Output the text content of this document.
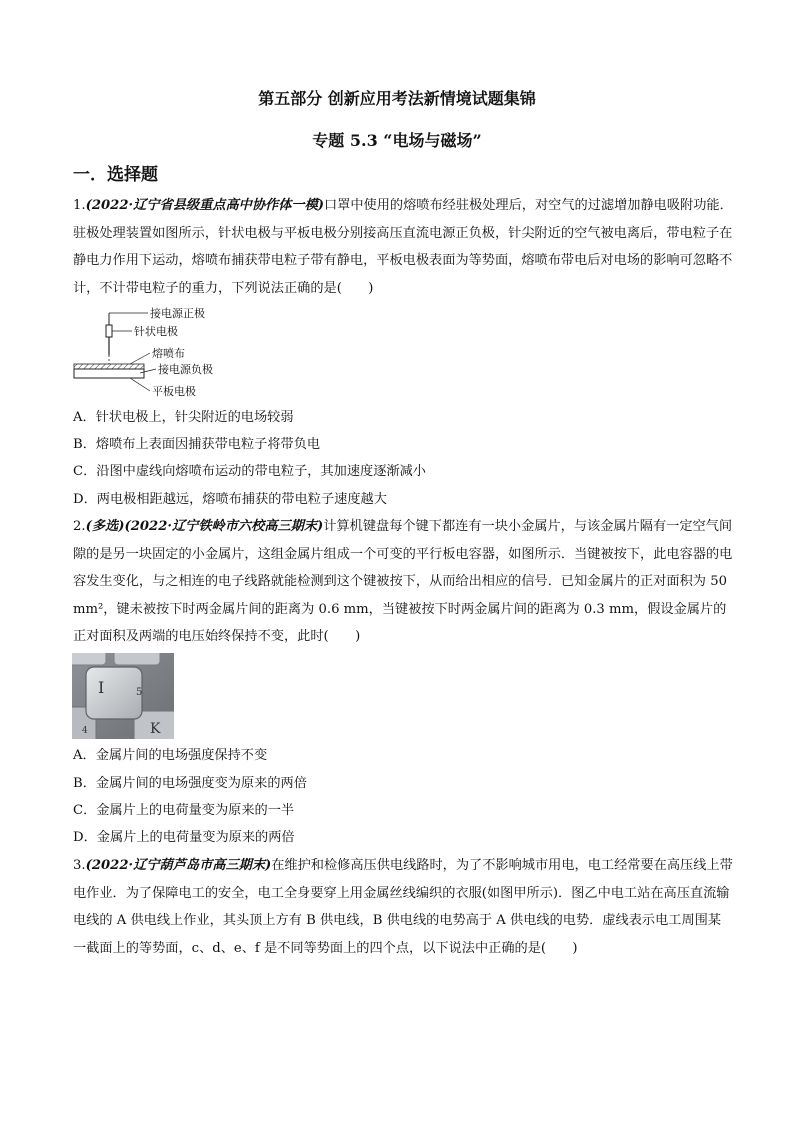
第五部分 创新应用考法新情境试题集锦
专题 5.3 “电场与磁场”
一．选择题
1.(2022·辽宁省县级重点高中协作体一模)口罩中使用的熔喷布经驻极处理后，对空气的过滤增加静电吸附功能．驻极处理装置如图所示，针状电极与平板电极分别接高压直流电源正负极，针尖附近的空气被电离后，带电粒子在静电力作用下运动，熔喷布捕获带电粒子带有静电，平板电极表面为等势面，熔喷布带电后对电场的影响可忽略不计，不计带电粒子的重力，下列说法正确的是(　　)
接电源正极
针状电极
熔喷布
接电源负极
平板电极
A．针状电极上，针尖附近的电场较弱
B．熔喷布上表面因捕获带电粒子将带负电
C．沿图中虚线向熔喷布运动的带电粒子，其加速度逐渐减小
D．两电极相距越远，熔喷布捕获的带电粒子速度越大
2.(多选)(2022·辽宁铁岭市六校高三期末)计算机键盘每个键下都连有一块小金属片，与该金属片隔有一定空气间隙的是另一块固定的小金属片，这组金属片组成一个可变的平行板电容器，如图所示．当键被按下，此电容器的电容发生变化，与之相连的电子线路就能检测到这个键被按下，从而给出相应的信号．已知金属片的正对面积为 50 mm²，键未被按下时两金属片间的距离为 0.6 mm，当键被按下时两金属片间的距离为 0.3 mm，假设金属片的正对面积及两端的电压始终保持不变，此时(　　)
I	5
4	K
A．金属片间的电场强度保持不变
B．金属片间的电场强度变为原来的两倍
C．金属片上的电荷量变为原来的一半
D．金属片上的电荷量变为原来的两倍
3.(2022·辽宁葫芦岛市高三期末)在维护和检修高压供电线路时，为了不影响城市用电，电工经常要在高压线上带电作业．为了保障电工的安全，电工全身要穿上用金属丝线编织的衣服(如图甲所示)．图乙中电工站在高压直流输电线的 A 供电线上作业，其头顶上方有 B 供电线，B 供电线的电势高于 A 供电线的电势．虚线表示电工周围某一截面上的等势面，c、d、e、f 是不同等势面上的四个点，以下说法中正确的是(　　)
